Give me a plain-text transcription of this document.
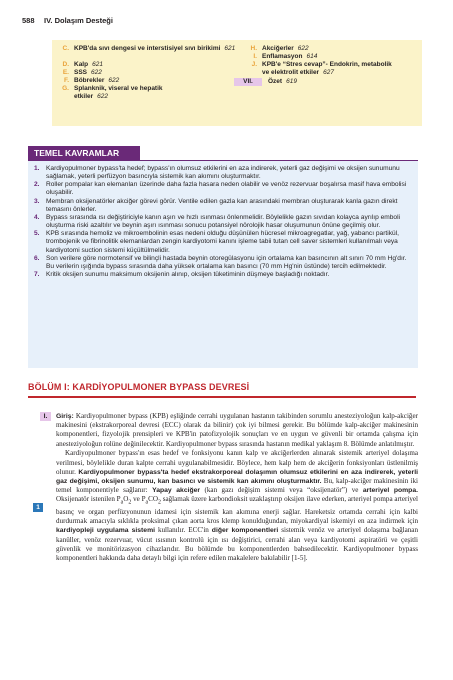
588 IV. Dolaşım Desteği
C. KPB'da sıvı dengesi ve interstisiyel sıvı birikimi 621
D. Kalp 621
E. SSS 622
F. Böbrekler 622
G. Splanknik, viseral ve hepatik etkiler 622
H. Akciğerler 622
I. Enflamasyon 614
J. KPB'e “Stres cevap”- Endokrin, metabolik ve elektrolit etkiler 627
VII.	Özet 619
TEMEL KAVRAMLAR
1. Kardiyopulmoner bypass'ta hedef; bypass'ın olumsuz etkilerini en aza indirerek, yeterli gaz değişimi ve oksijen sunumunu sağlamak, yeterli perfüzyon basıncıyla sistemik kan akımını oluşturmaktır.
2. Roller pompalar kan elemanları üzerinde daha fazla hasara neden olabilir ve venöz rezervuar boşalırsa masif hava embolisi oluşabilir.
3. Membran oksijenatörler akciğer görevi görür. Ventile edilen gazla kan arasındaki membran oluşturarak kanla gazın direkt temasını önlerler.
4. Bypass sırasında ısı değiştiriciyle kanın aşırı ve hızlı ısınması önlenmelidir. Böylelikle gazın sıvıdan kolayca ayrılıp emboli oluşturma riski azaltılır ve beynin aşırı ısınması sonucu potansiyel nörolojik hasar oluşumunun önüne geçilmiş olur.
5. KPB sırasında hemoliz ve mikroembolinin esas nedeni olduğu düşünülen hücresel mikroagregatlar, yağ, yabancı partikül, trombojenik ve fibrinolitik elemanlardan zengin kardiyotomi kanını işleme tabii tutan cell saver sistemleri kullanılmalı veya kardiyotomi suction sistemi küçültülmelidir.
6. Son verilere göre normotensif ve bilinçli hastada beynin otoregülasyonu için ortalama kan basıncının alt sınırı 70 mm Hg'dır. Bu verilerin ışığında bypass sırasında daha yüksek ortalama kan basıncı (70 mm Hg'nin üstünde) tercih edilmektedir.
7. Kritik oksijen sunumu maksimum oksijenin alınıp, oksijen tüketiminin düşmeye başladığı noktadır.
BÖLÜM I: KARDİYOPULMONER BYPASS DEVRESİ
I.
1

Giriş: Kardiyopulmoner bypass (KPB) eşliğinde cerrahi uygulanan hastanın takibinden sorumlu anesteziyoloğun kalp-akciğer makinesini (ekstrakorporeal devresi (ECC) olarak da bilinir) çok iyi bilmesi gerekir. Bu bölümde kalp-akciğer makinesinin komponentleri, fizyolojik prensipleri ve KPB'in patofizyolojik sonuçları ve en uygun ve güvenli bir ortamda çalışma için anesteziyoloğun rolüne değinilecektir. Kardiyopulmoner bypass sırasında hastanın medikal yaklaşım 8. Bölümde anlatılmıştır.

Kardiyopulmoner bypass'ın esas hedef ve fonksiyonu kanın kalp ve akciğerlerden alınarak sistemik arteriyel dolaşıma verilmesi, böylelikle duran kalpte cerrahi uygulanabilmesidir. Böylece, hem kalp hem de akciğerin fonksiyonları üstlenilmiş olunur. Kardiyopulmoner bypass'ta hedef ekstrakorporeal dolaşımın olumsuz etkilerini en aza indirerek, yeterli gaz değişimi, oksijen sunumu, kan basıncı ve sistemik kan akımını oluşturmaktır. Bu, kalp-akciğer makinesinin iki temel komponentiyle sağlanır: Yapay akciğer (kan gazı değişim sistemi veya “oksijenatör”) ve arteriyel pompa. Oksijenatör istenilen $P_aO_2$ ve $P_aCO_2$ sağlamak üzere karbondioksit uzaklaştırıp oksijen ilave ederken, arteriyel pompa arteriyel basınç ve organ perfüzyonunun idamesi için sistemik kan akımına enerji sağlar. Hareketsiz ortamda cerrahi için kalbi durdurmak amacıyla sıklıkla proksimal çıkan aorta kros klemp konulduğundan, miyokardiyal iskemiyi en aza indirmek için kardiyopleji uygulama sistemi kullanılır. ECC'in diğer komponentleri sistemik venöz ve arteriyel dolaşıma bağlanan kanüller, venöz rezervuar, vücut ısısının kontrolü için ısı değiştirici, cerrahi alan veya kardiyotomi aspiratörü ve çeşitli güvenlik ve monitörizasyon cihazlarıdır. Bu bölümde bu komponentlerden bahsedilecektir. Kardiyopulmoner bypass komponentleri hakkında daha detaylı bilgi için refere edilen makalelere bakılabilir [1-5].
